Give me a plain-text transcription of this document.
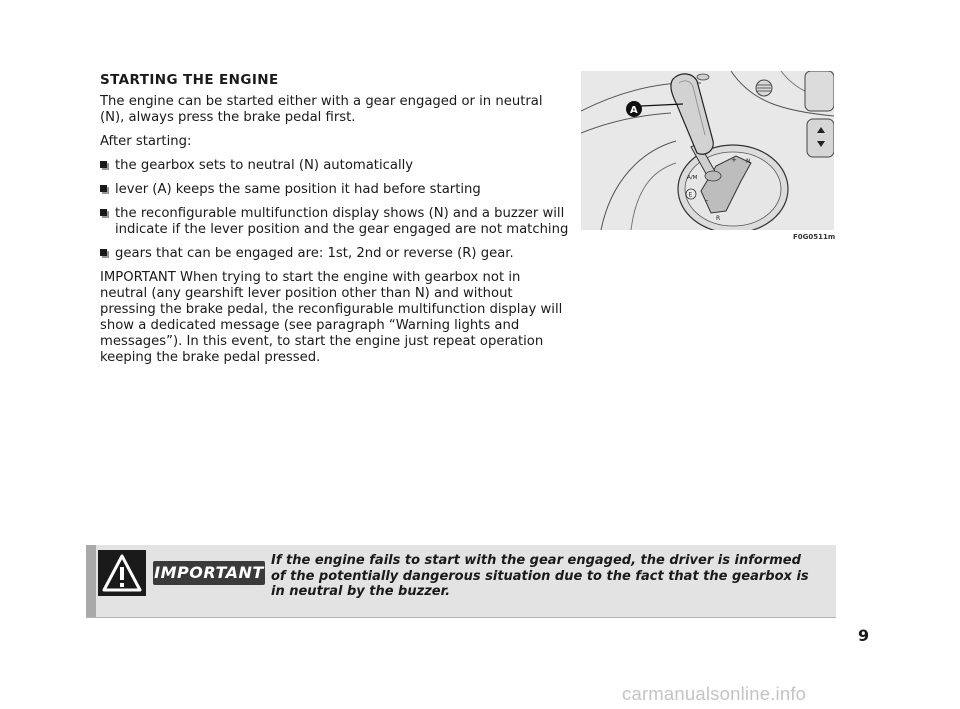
STARTING THE ENGINE

The engine can be started either with a gear engaged or in neutral (N), always press the brake pedal first.

After starting:

the gearbox sets to neutral (N) automatically
lever (A) keeps the same position it had before starting
the reconfigurable multifunction display shows (N) and a buzzer will indicate if the lever position and the gear engaged are not matching
gears that can be engaged are: 1st, 2nd or reverse (R) gear.

IMPORTANT When trying to start the engine with gearbox not in neutral (any gearshift lever position other than N) and without pressing the brake pedal, the reconfigurable multifunction display will show a dedicated message (see paragraph “Warning lights and messages”). In this event, to start the engine just repeat operation keeping the brake pedal pressed.

N
+
A/M
E
–
R
A
F0G0511m
IMPORTANT
If the engine fails to start with the gear engaged, the driver is informed of the potentially dangerous situation due to the fact that the gearbox is in neutral by the buzzer.
9
carmanualsonline.info
